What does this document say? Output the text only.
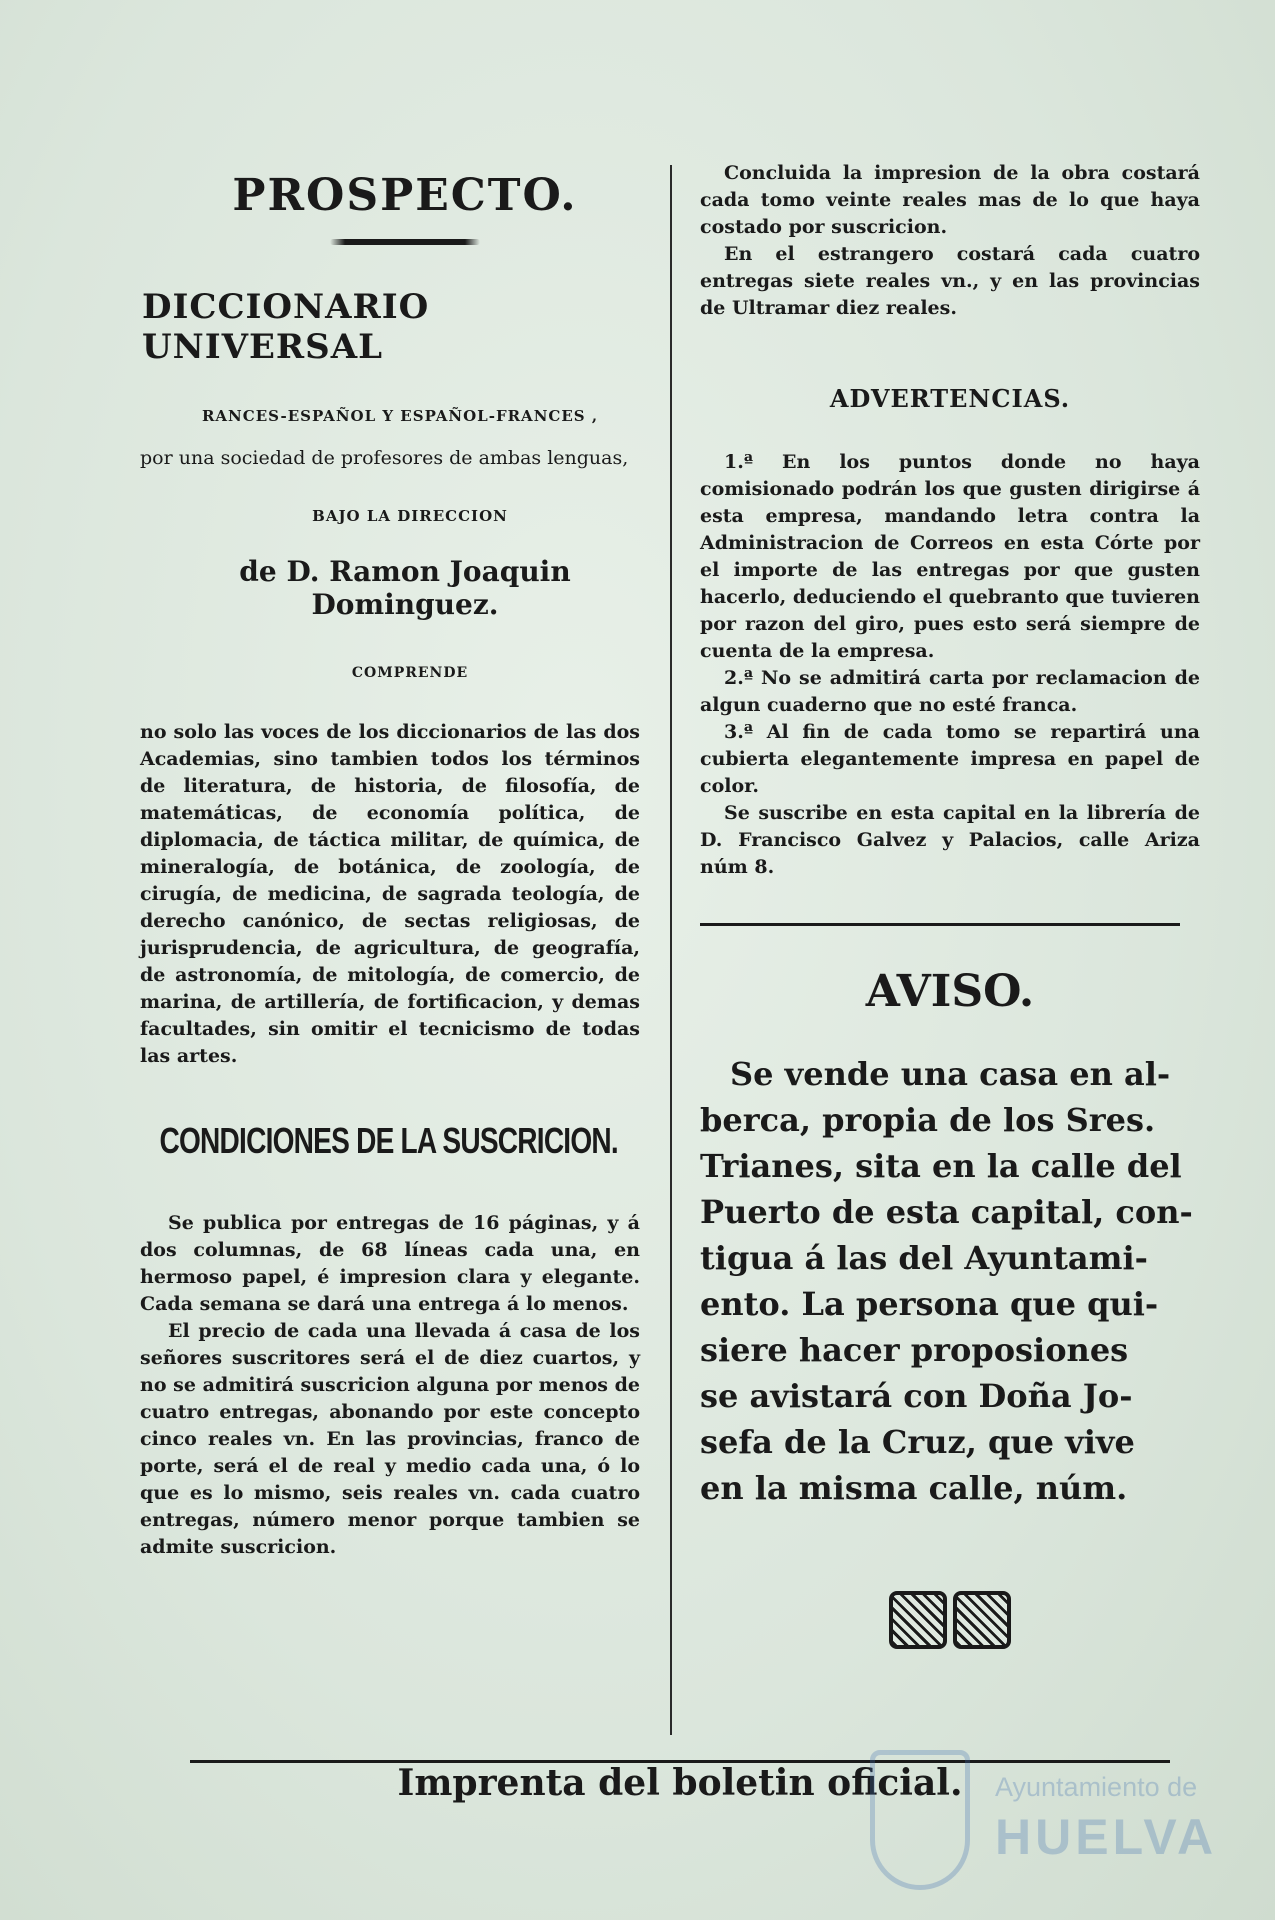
PROSPECTO.
DICCIONARIO UNIVERSAL
RANCES-ESPAÑOL Y ESPAÑOL-FRANCES ,
por una sociedad de profesores de ambas lenguas,
BAJO LA DIRECCION
de D. Ramon Joaquin Dominguez.
COMPRENDE
no solo las voces de los diccionarios de las dos Academias, sino tambien todos los términos de literatura, de historia, de filosofía, de matemáticas, de economía política, de diplomacia, de táctica militar, de química, de mineralogía, de botánica, de zoología, de cirugía, de medicina, de sagrada teología, de derecho canónico, de sectas religiosas, de jurisprudencia, de agricultura, de geografía, de astronomía, de mitología, de comercio, de marina, de artillería, de fortificacion, y demas facultades, sin omitir el tecnicismo de todas las artes.
CONDICIONES DE LA SUSCRICION.

Se publica por entregas de 16 páginas, y á dos columnas, de 68 líneas cada una, en hermoso papel, é impresion clara y elegante. Cada semana se dará una entrega á lo menos.

El precio de cada una llevada á casa de los señores suscritores será el de diez cuartos, y no se admitirá suscricion alguna por menos de cuatro entregas, abonando por este concepto cinco reales vn. En las provincias, franco de porte, será el de real y medio cada una, ó lo que es lo mismo, seis reales vn. cada cuatro entregas, número menor porque tambien se admite suscricion.

Concluida la impresion de la obra costará cada tomo veinte reales mas de lo que haya costado por suscricion.

En el estrangero costará cada cuatro entregas siete reales vn., y en las provincias de Ultramar diez reales.

ADVERTENCIAS.

1.ª En los puntos donde no haya comisionado podrán los que gusten dirigirse á esta empresa, mandando letra contra la Administracion de Correos en esta Córte por el importe de las entregas por que gusten hacerlo, deduciendo el quebranto que tuvieren por razon del giro, pues esto será siempre de cuenta de la empresa.

2.ª No se admitirá carta por reclamacion de algun cuaderno que no esté franca.

3.ª Al fin de cada tomo se repartirá una cubierta elegantemente impresa en papel de color.

Se suscribe en esta capital en la librería de D. Francisco Galvez y Palacios, calle Ariza núm 8.

AVISO.
Se vende una casa en al-
berca, propia de los Sres.
Trianes, sita en la calle del
Puerto de esta capital, con-
tigua á las del Ayuntami-
ento. La persona que qui-
siere hacer proposiones
se avistará con Doña Jo-
sefa de la Cruz, que vive
en la misma calle, núm.
Imprenta del boletin oficial.	Ayuntamiento de
HUELVA
